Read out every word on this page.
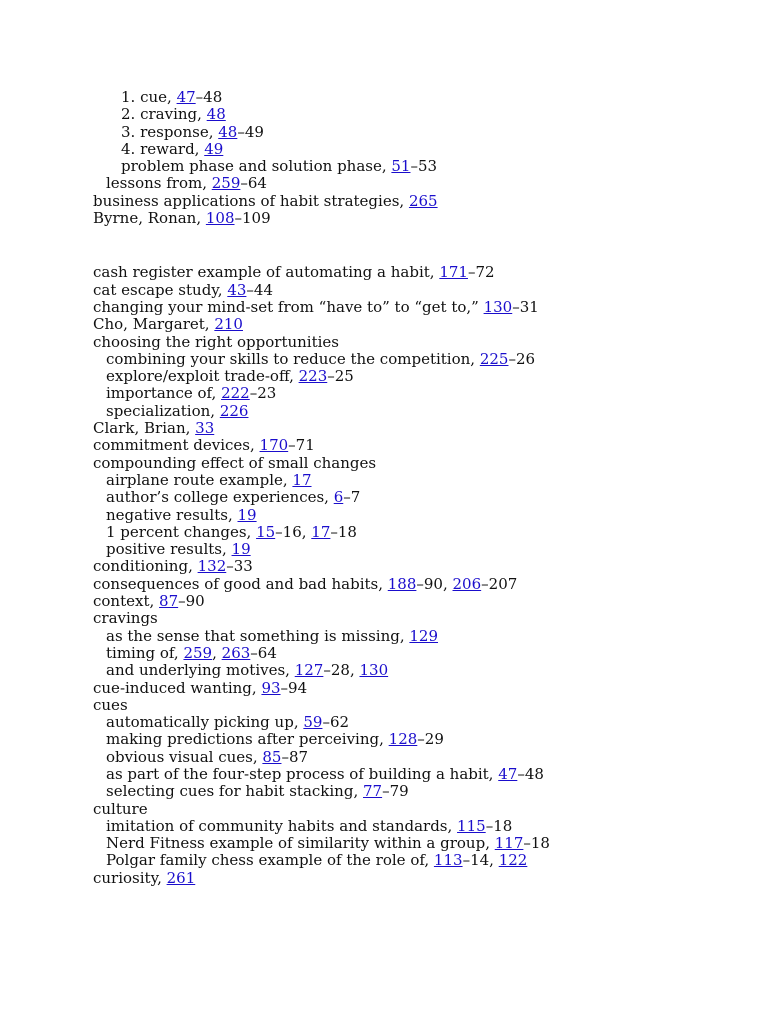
1. cue, 47–48
2. craving, 48
3. response, 48–49
4. reward, 49
problem phase and solution phase, 51–53
lessons from, 259–64
business applications of habit strategies, 265
Byrne, Ronan, 108–109
cash register example of automating a habit, 171–72
cat escape study, 43–44
changing your mind-set from “have to” to “get to,” 130–31
Cho, Margaret, 210
choosing the right opportunities
combining your skills to reduce the competition, 225–26
explore/exploit trade-off, 223–25
importance of, 222–23
specialization, 226
Clark, Brian, 33
commitment devices, 170–71
compounding effect of small changes
airplane route example, 17
author’s college experiences, 6–7
negative results, 19
1 percent changes, 15–16, 17–18
positive results, 19
conditioning, 132–33
consequences of good and bad habits, 188–90, 206–207
context, 87–90
cravings
as the sense that something is missing, 129
timing of, 259, 263–64
and underlying motives, 127–28, 130
cue-induced wanting, 93–94
cues
automatically picking up, 59–62
making predictions after perceiving, 128–29
obvious visual cues, 85–87
as part of the four-step process of building a habit, 47–48
selecting cues for habit stacking, 77–79
culture
imitation of community habits and standards, 115–18
Nerd Fitness example of similarity within a group, 117–18
Polgar family chess example of the role of, 113–14, 122
curiosity, 261
